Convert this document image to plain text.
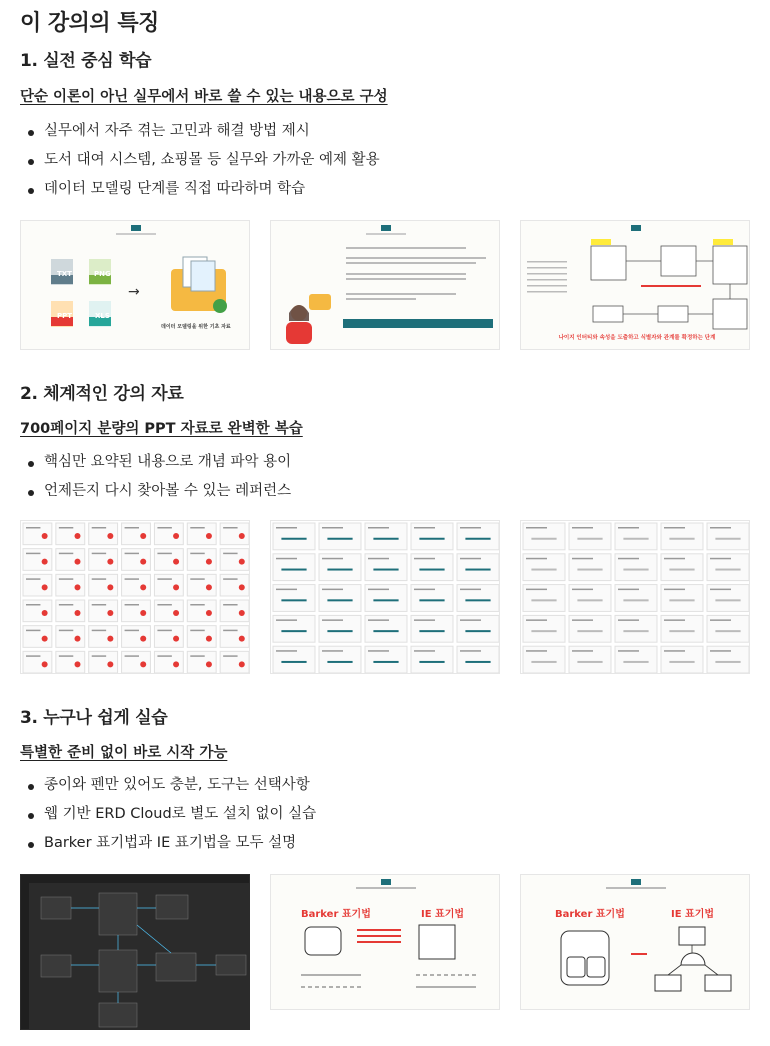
이 강의의 특징
1. 실전 중심 학습
단순 이론이 아닌 실무에서 바로 쓸 수 있는 내용으로 구성
실무에서 자주 겪는 고민과 해결 방법 제시
도서 대여 시스템, 쇼핑몰 등 실무와 가까운 예제 활용
데이터 모델링 단계를 직접 따라하며 학습
→
TXT	PNG
PPT	XLS
데이터 모델링을 위한 기초 자료
나이지 인터티와 속성을 도출하고 식별자와 관계를 확정하는 단계
2. 체계적인 강의 자료
700페이지 분량의 PPT 자료로 완벽한 복습
핵심만 요약된 내용으로 개념 파악 용이
언제든지 다시 찾아볼 수 있는 레퍼런스
3. 누구나 쉽게 실습
특별한 준비 없이 바로 시작 가능
종이와 펜만 있어도 충분, 도구는 선택사항
웹 기반 ERD Cloud로 별도 설치 없이 실습
Barker 표기법과 IE 표기법을 모두 설명
Barker 표기법	IE 표기법	Barker 표기법	IE 표기법
